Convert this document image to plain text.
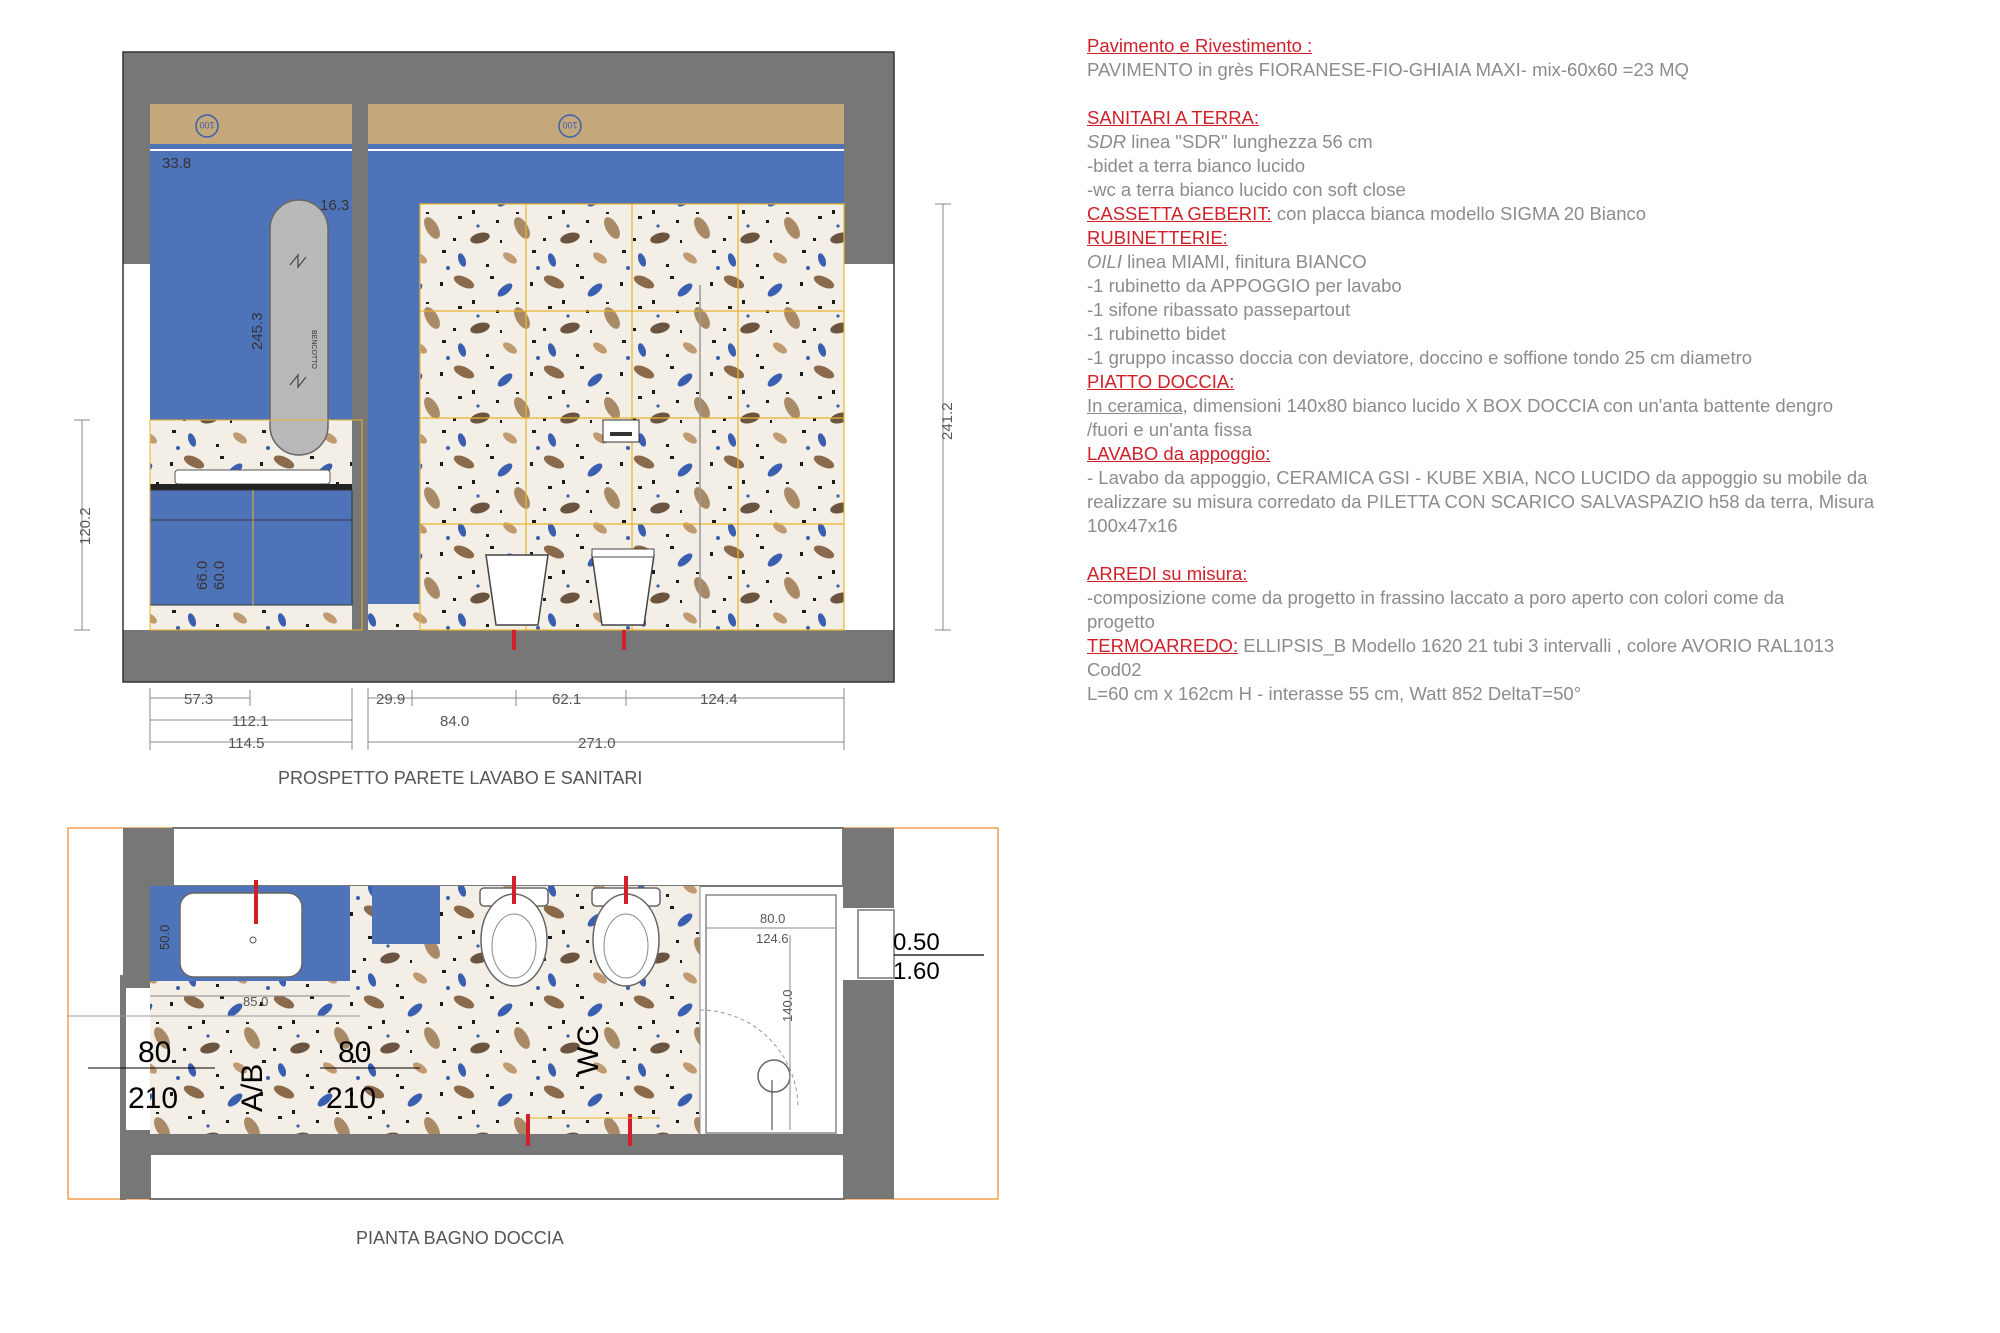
100
BENCOTTO
245.3
33.8
16.3
66.0 60.0
100
241.2
120.2
57.3
112.1
114.5
29.9
84.0
62.1	124.4
271.0
50.0
85.0
80.0
124.6
140.0
0.50
1.60
80
210 A/B
80
210
WC
PROSPETTO PARETE LAVABO E SANITARI
PIANTA BAGNO DOCCIA
Pavimento e Rivestimento :
PAVIMENTO in grès FIORANESE-FIO-GHIAIA MAXI- mix-60x60 =23 MQ
SANITARI A TERRA:
SDR linea "SDR" lunghezza 56 cm
-bidet a terra bianco lucido
-wc a terra bianco lucido con soft close
CASSETTA GEBERIT: con placca bianca modello SIGMA 20 Bianco
RUBINETTERIE:
OILI linea MIAMI, finitura BIANCO
-1 rubinetto da APPOGGIO per lavabo
-1 sifone ribassato passepartout
-1 rubinetto bidet
-1 gruppo incasso doccia con deviatore, doccino e soffione tondo 25 cm diametro
PIATTO DOCCIA:
In ceramica, dimensioni 140x80 bianco lucido X BOX DOCCIA con un'anta battente dengro
/fuori e un'anta fissa
LAVABO da appoggio:
- Lavabo da appoggio, CERAMICA GSI - KUBE XBIA, NCO LUCIDO da appoggio su mobile da
realizzare su misura corredato da PILETTA CON SCARICO SALVASPAZIO h58 da terra, Misura
100x47x16
ARREDI su misura:
-composizione come da progetto in frassino laccato a poro aperto con colori come da
progetto
TERMOARREDO: ELLIPSIS_B Modello 1620 21 tubi 3 intervalli , colore AVORIO RAL1013
Cod02
L=60 cm x 162cm H - interasse 55 cm, Watt 852 DeltaT=50°
